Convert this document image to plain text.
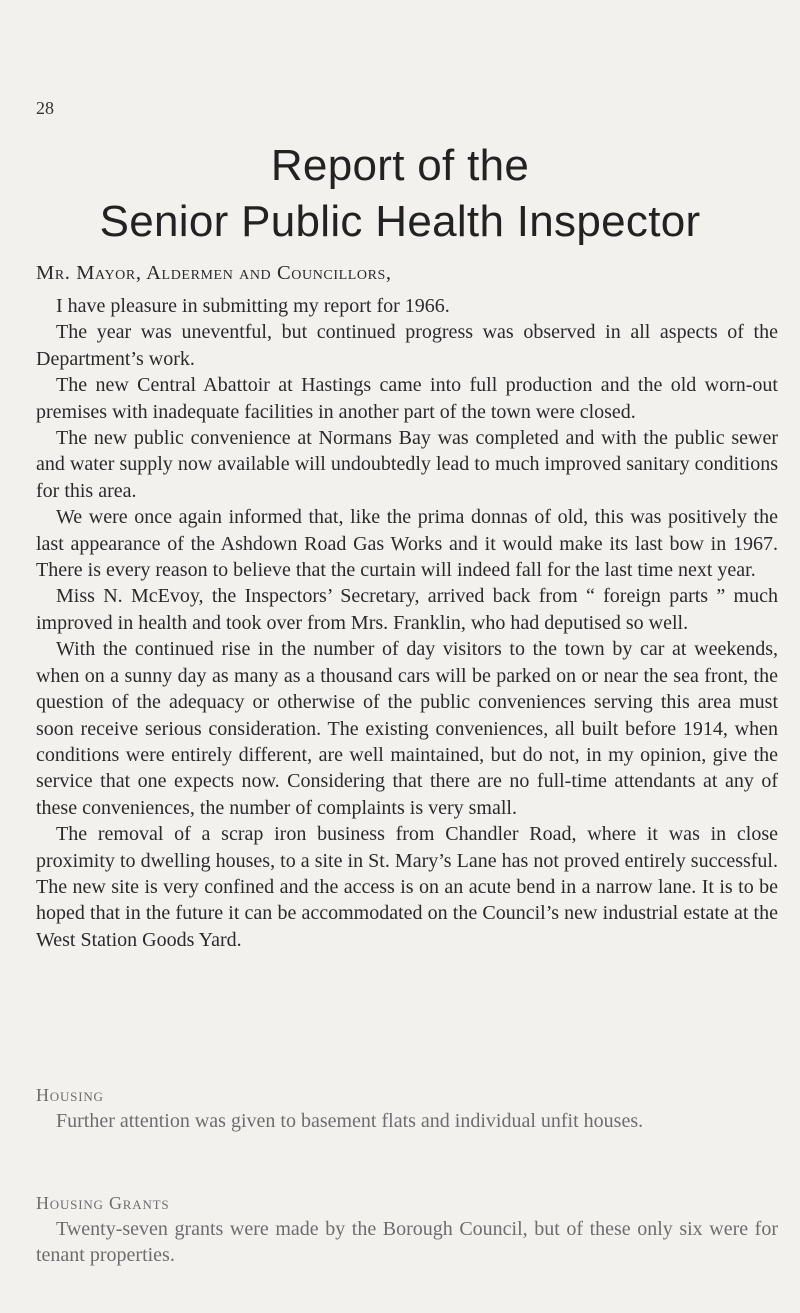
28
Report of the
Senior Public Health Inspector
Mr. Mayor, Aldermen and Councillors,

I have pleasure in submitting my report for 1966.

The year was uneventful, but continued progress was observed in all aspects of the Department’s work.

The new Central Abattoir at Hastings came into full production and the old worn-out premises with inadequate facilities in another part of the town were closed.

The new public convenience at Normans Bay was completed and with the public sewer and water supply now available will undoubtedly lead to much improved sanitary conditions for this area.

We were once again informed that, like the prima donnas of old, this was positively the last appearance of the Ashdown Road Gas Works and it would make its last bow in 1967. There is every reason to believe that the curtain will indeed fall for the last time next year.

Miss N. McEvoy, the Inspectors’ Secretary, arrived back from “ foreign parts ” much improved in health and took over from Mrs. Franklin, who had deputised so well.

With the continued rise in the number of day visitors to the town by car at weekends, when on a sunny day as many as a thousand cars will be parked on or near the sea front, the question of the adequacy or otherwise of the public conveniences serving this area must soon receive serious consideration. The existing conveniences, all built before 1914, when conditions were entirely different, are well maintained, but do not, in my opinion, give the service that one expects now. Considering that there are no full-time attendants at any of these conveniences, the number of complaints is very small.

The removal of a scrap iron business from Chandler Road, where it was in close proximity to dwelling houses, to a site in St. Mary’s Lane has not proved entirely successful. The new site is very confined and the access is on an acute bend in a narrow lane. It is to be hoped that in the future it can be accommodated on the Council’s new industrial estate at the West Station Goods Yard.

Housing

Further attention was given to basement flats and individual unfit houses.

Housing Grants

Twenty-seven grants were made by the Borough Council, but of these only six were for tenant properties.
